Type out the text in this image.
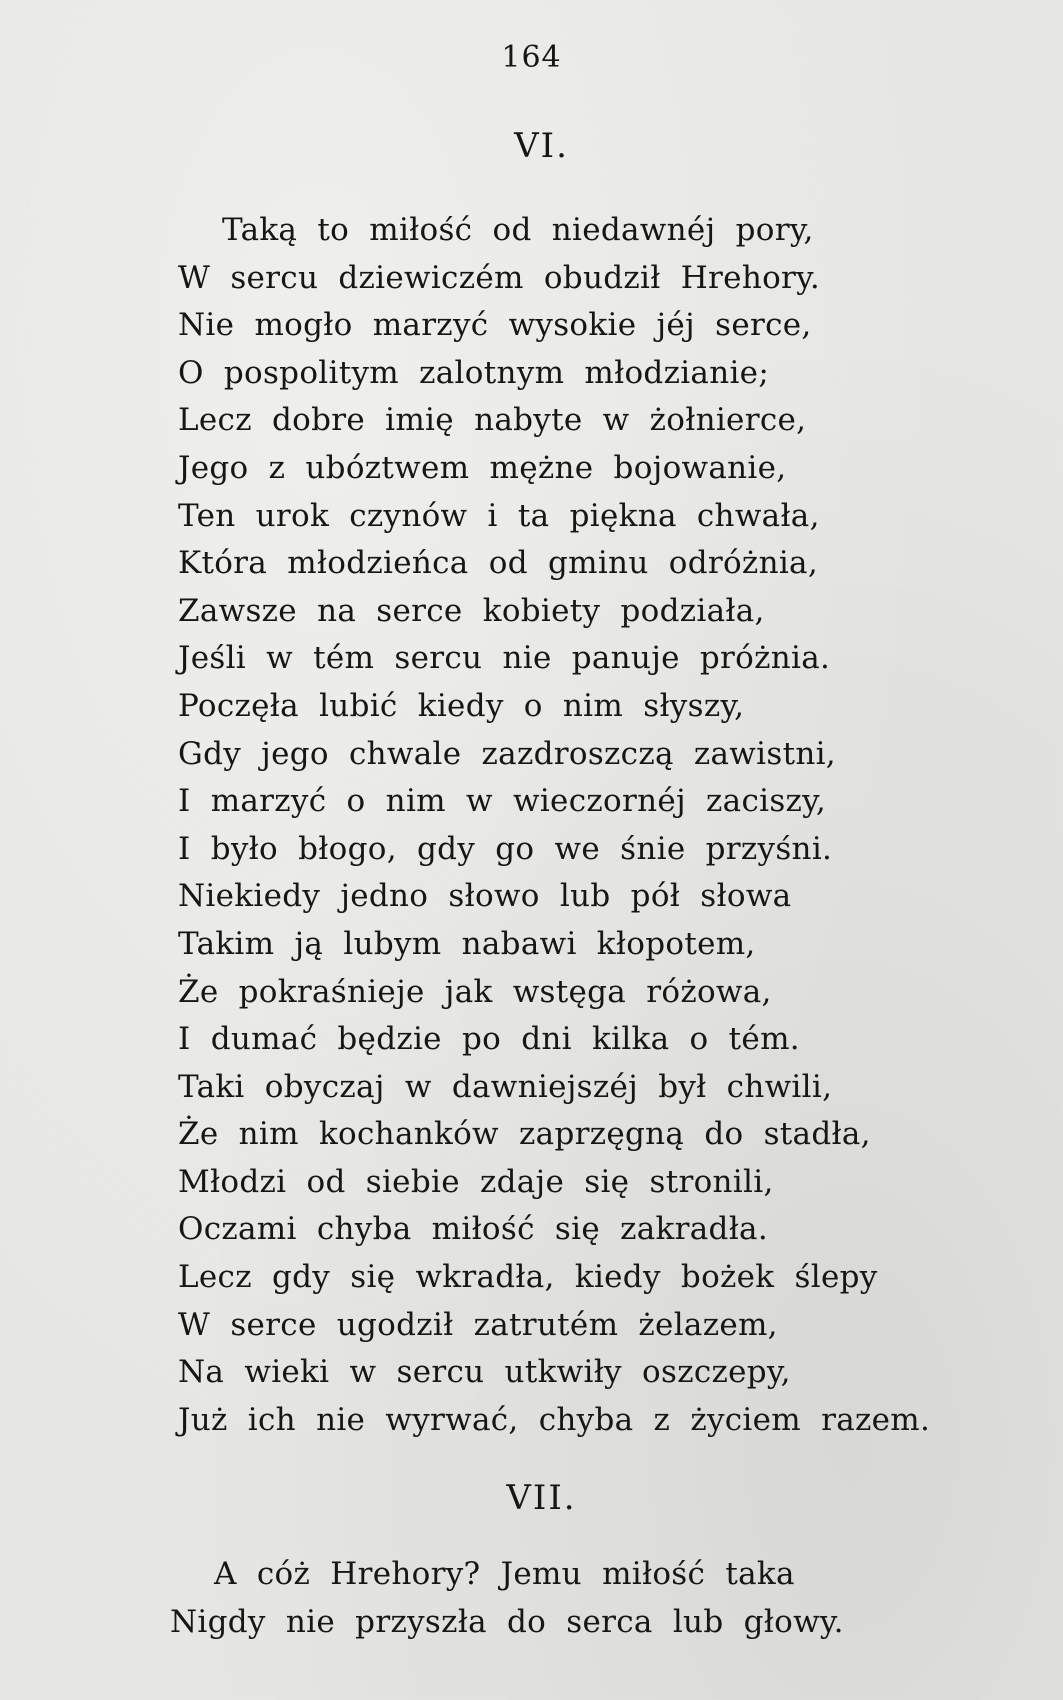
164
VI.
Taką to miłość od niedawnéj pory,
W sercu dziewiczém obudził Hrehory.
Nie mogło marzyć wysokie jéj serce,
O pospolitym zalotnym młodzianie;
Lecz dobre imię nabyte w żołnierce,
Jego z ubóztwem mężne bojowanie,
Ten urok czynów i ta piękna chwała,
Która młodzieńca od gminu odróżnia,
Zawsze na serce kobiety podziała,
Jeśli w tém sercu nie panuje próżnia.
Poczęła lubić kiedy o nim słyszy,
Gdy jego chwale zazdroszczą zawistni,
I marzyć o nim w wieczornéj zaciszy,
I było błogo, gdy go we śnie przyśni.
Niekiedy jedno słowo lub pół słowa
Takim ją lubym nabawi kłopotem,
Że pokraśnieje jak wstęga różowa,
I dumać będzie po dni kilka o tém.
Taki obyczaj w dawniejszéj był chwili,
Że nim kochanków zaprzęgną do stadła,
Młodzi od siebie zdaje się stronili,
Oczami chyba miłość się zakradła.
Lecz gdy się wkradła, kiedy bożek ślepy
W serce ugodził zatrutém żelazem,
Na wieki w sercu utkwiły oszczepy,
Już ich nie wyrwać, chyba z życiem razem.
VII.
A cóż Hrehory? Jemu miłość taka
Nigdy nie przyszła do serca lub głowy.
